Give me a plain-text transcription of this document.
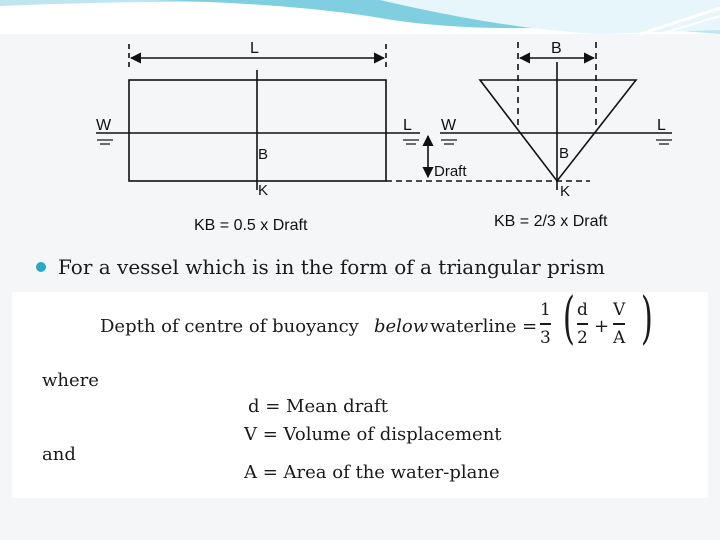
L
W	L
B
K
KB = 0.5 x Draft
Draft
B
W	L
B
K
KB = 2/3 x Draft
For a vessel which is in the form of a triangular prism
Depth of centre of buoyancy below waterline =
1
3 ( d
2
+
V
A )
where
d = Mean draft
V = Volume of displacement
and
A = Area of the water-plane
